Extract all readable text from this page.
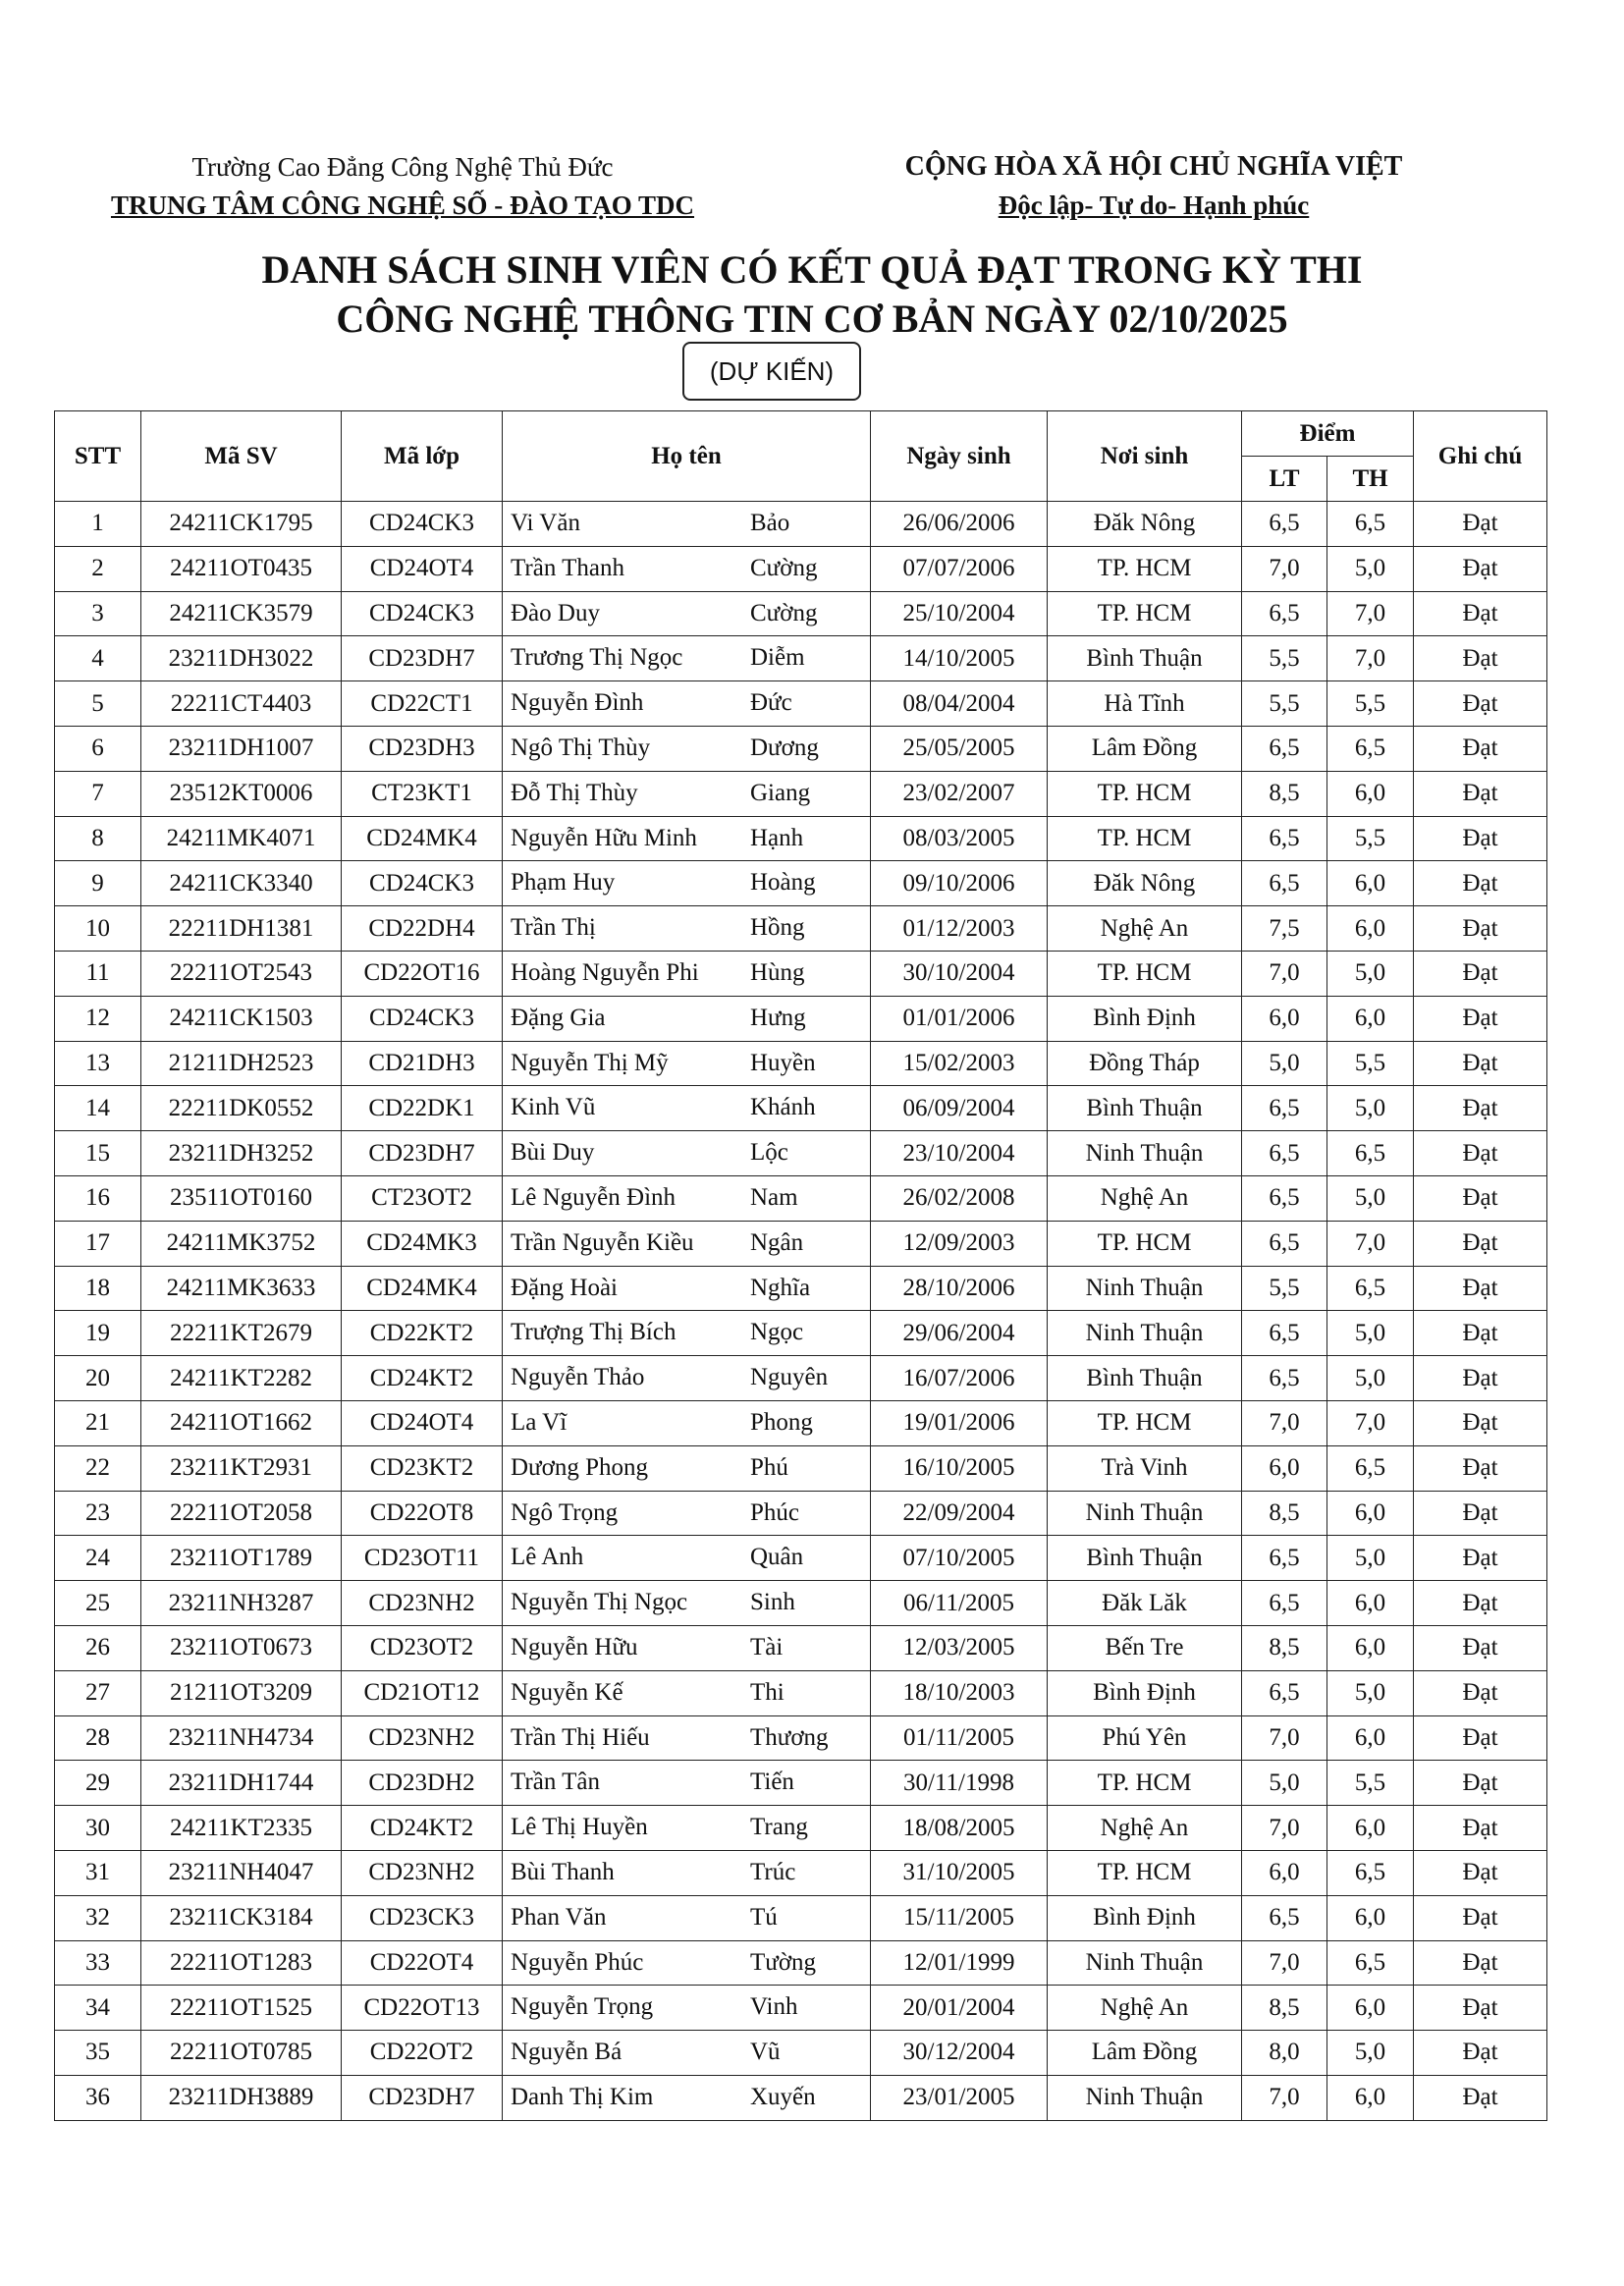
Trường Cao Đẳng Công Nghệ Thủ Đức
TRUNG TÂM CÔNG NGHỆ SỐ - ĐÀO TẠO TDC
CỘNG HÒA XÃ HỘI CHỦ NGHĨA VIỆT
Độc lập- Tự do- Hạnh phúc
DANH SÁCH SINH VIÊN CÓ KẾT QUẢ ĐẠT TRONG KỲ THI
CÔNG NGHỆ THÔNG TIN CƠ BẢN NGÀY 02/10/2025
(DỰ KIẾN)
STT	Mã SV	Mã lớp	Họ tên	Ngày sinh	Nơi sinh	Điểm		Ghi chú
						LT	TH	
1	24211CK1795	CD24CK3	Vi Văn Bảo	26/06/2006	Đăk Nông	6,5	6,5	Đạt
2	24211OT0435	CD24OT4	Trần Thanh Cường	07/07/2006	TP. HCM	7,0	5,0	Đạt
3	24211CK3579	CD24CK3	Đào Duy Cường	25/10/2004	TP. HCM	6,5	7,0	Đạt
4	23211DH3022	CD23DH7	Trương Thị Ngọc Diễm	14/10/2005	Bình Thuận	5,5	7,0	Đạt
5	22211CT4403	CD22CT1	Nguyễn Đình Đức	08/04/2004	Hà Tĩnh	5,5	5,5	Đạt
6	23211DH1007	CD23DH3	Ngô Thị Thùy Dương	25/05/2005	Lâm Đồng	6,5	6,5	Đạt
7	23512KT0006	CT23KT1	Đỗ Thị Thùy Giang	23/02/2007	TP. HCM	8,5	6,0	Đạt
8	24211MK4071	CD24MK4	Nguyễn Hữu Minh Hạnh	08/03/2005	TP. HCM	6,5	5,5	Đạt
9	24211CK3340	CD24CK3	Phạm Huy Hoàng	09/10/2006	Đăk Nông	6,5	6,0	Đạt
10	22211DH1381	CD22DH4	Trần Thị Hồng	01/12/2003	Nghệ An	7,5	6,0	Đạt
11	22211OT2543	CD22OT16	Hoàng Nguyễn Phi Hùng	30/10/2004	TP. HCM	7,0	5,0	Đạt
12	24211CK1503	CD24CK3	Đặng Gia Hưng	01/01/2006	Bình Định	6,0	6,0	Đạt
13	21211DH2523	CD21DH3	Nguyễn Thị Mỹ Huyền	15/02/2003	Đồng Tháp	5,0	5,5	Đạt
14	22211DK0552	CD22DK1	Kinh Vũ Khánh	06/09/2004	Bình Thuận	6,5	5,0	Đạt
15	23211DH3252	CD23DH7	Bùi Duy Lộc	23/10/2004	Ninh Thuận	6,5	6,5	Đạt
16	23511OT0160	CT23OT2	Lê Nguyễn Đình Nam	26/02/2008	Nghệ An	6,5	5,0	Đạt
17	24211MK3752	CD24MK3	Trần Nguyễn Kiều Ngân	12/09/2003	TP. HCM	6,5	7,0	Đạt
18	24211MK3633	CD24MK4	Đặng Hoài Nghĩa	28/10/2006	Ninh Thuận	5,5	6,5	Đạt
19	22211KT2679	CD22KT2	Trượng Thị Bích Ngọc	29/06/2004	Ninh Thuận	6,5	5,0	Đạt
20	24211KT2282	CD24KT2	Nguyễn Thảo Nguyên	16/07/2006	Bình Thuận	6,5	5,0	Đạt
21	24211OT1662	CD24OT4	La Vĩ Phong	19/01/2006	TP. HCM	7,0	7,0	Đạt
22	23211KT2931	CD23KT2	Dương Phong Phú	16/10/2005	Trà Vinh	6,0	6,5	Đạt
23	22211OT2058	CD22OT8	Ngô Trọng Phúc	22/09/2004	Ninh Thuận	8,5	6,0	Đạt
24	23211OT1789	CD23OT11	Lê Anh Quân	07/10/2005	Bình Thuận	6,5	5,0	Đạt
25	23211NH3287	CD23NH2	Nguyễn Thị Ngọc Sinh	06/11/2005	Đăk Lăk	6,5	6,0	Đạt
26	23211OT0673	CD23OT2	Nguyễn Hữu Tài	12/03/2005	Bến Tre	8,5	6,0	Đạt
27	21211OT3209	CD21OT12	Nguyễn Kế Thi	18/10/2003	Bình Định	6,5	5,0	Đạt
28	23211NH4734	CD23NH2	Trần Thị Hiếu Thương	01/11/2005	Phú Yên	7,0	6,0	Đạt
29	23211DH1744	CD23DH2	Trần Tân Tiến	30/11/1998	TP. HCM	5,0	5,5	Đạt
30	24211KT2335	CD24KT2	Lê Thị Huyền Trang	18/08/2005	Nghệ An	7,0	6,0	Đạt
31	23211NH4047	CD23NH2	Bùi Thanh Trúc	31/10/2005	TP. HCM	6,0	6,5	Đạt
32	23211CK3184	CD23CK3	Phan Văn Tú	15/11/2005	Bình Định	6,5	6,0	Đạt
33	22211OT1283	CD22OT4	Nguyễn Phúc Tường	12/01/1999	Ninh Thuận	7,0	6,5	Đạt
34	22211OT1525	CD22OT13	Nguyễn Trọng Vinh	20/01/2004	Nghệ An	8,5	6,0	Đạt
35	22211OT0785	CD22OT2	Nguyễn Bá Vũ	30/12/2004	Lâm Đồng	8,0	5,0	Đạt
36	23211DH3889	CD23DH7	Danh Thị Kim Xuyến	23/01/2005	Ninh Thuận	7,0	6,0	Đạt
